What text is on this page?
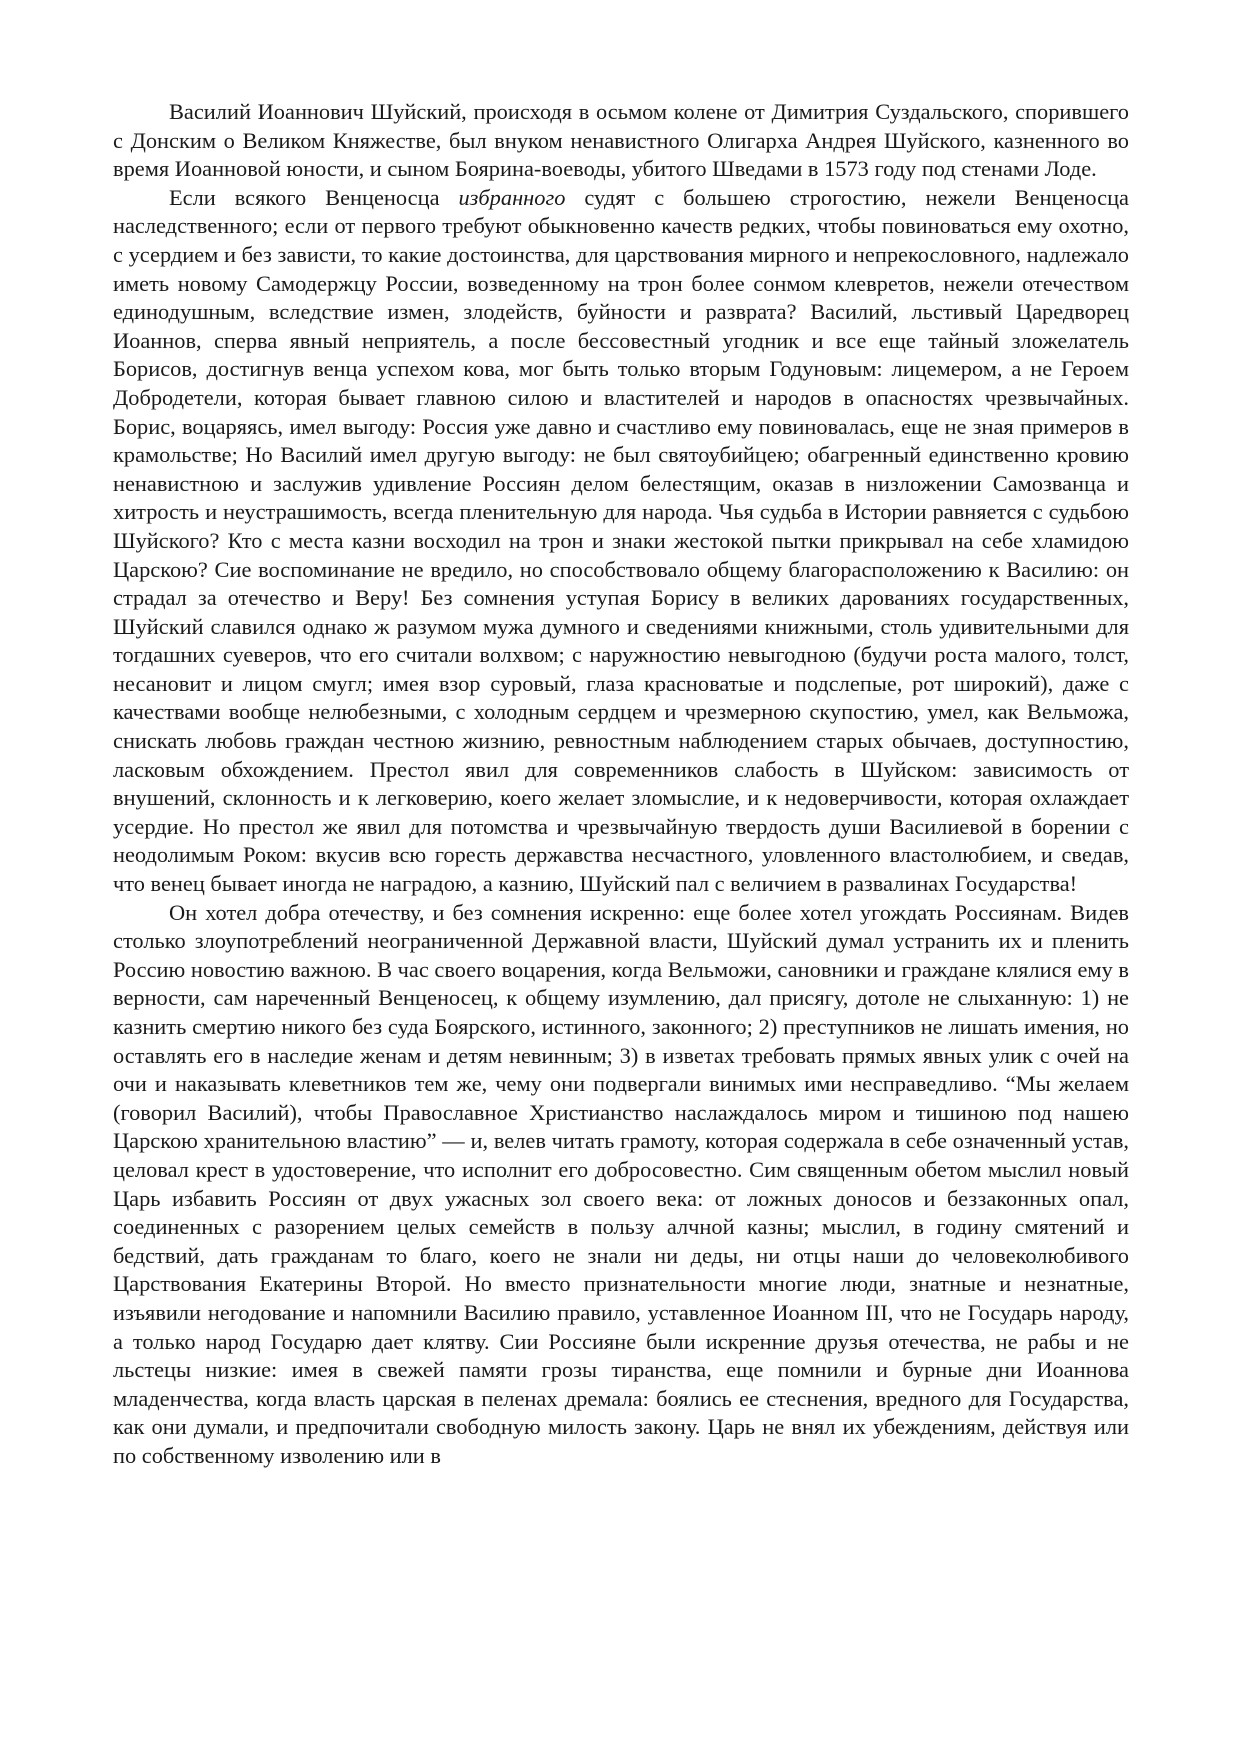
Василий Иоаннович Шуйский, происходя в осьмом колене от Димитрия Суздальского, спорившего с Донским о Великом Княжестве, был внуком ненавистного Олигарха Андрея Шуйского, казненного во время Иоанновой юности, и сыном Боярина-воеводы, убитого Шведами в 1573 году под стенами Лоде.

Если всякого Венценосца избранного судят с большею строгостию, нежели Венценосца наследственного; если от первого требуют обыкновенно качеств редких, чтобы повиноваться ему охотно, с усердием и без зависти, то какие достоинства, для царствования мирного и непрекословного, надлежало иметь новому Самодержцу России, возведенному на трон более сонмом клевретов, нежели отечеством единодушным, вследствие измен, злодейств, буйности и разврата? Василий, льстивый Царедворец Иоаннов, сперва явный неприятель, а после бессовестный угодник и все еще тайный зложелатель Борисов, достигнув венца успехом кова, мог быть только вторым Годуновым: лицемером, а не Героем Добродетели, которая бывает главною силою и властителей и народов в опасностях чрезвычайных. Борис, воцаряясь, имел выгоду: Россия уже давно и счастливо ему повиновалась, еще не зная примеров в крамольстве; Но Василий имел другую выгоду: не был святоубийцею; обагренный единственно кровию ненавистною и заслужив удивление Россиян делом белестящим, оказав в низложении Самозванца и хитрость и неустрашимость, всегда пленительную для народа. Чья судьба в Истории равняется с судьбою Шуйского? Кто с места казни восходил на трон и знаки жестокой пытки прикрывал на себе хламидою Царскою? Сие воспоминание не вредило, но способствовало общему благорасположению к Василию: он страдал за отечество и Веру! Без сомнения уступая Борису в великих дарованиях государственных, Шуйский славился однако ж разумом мужа думного и сведениями книжными, столь удивительными для тогдашних суеверов, что его считали волхвом; с наружностию невыгодною (будучи роста малого, толст, несановит и лицом смугл; имея взор суровый, глаза красноватые и подслепые, рот широкий), даже с качествами вообще нелюбезными, с холодным сердцем и чрезмерною скупостию, умел, как Вельможа, снискать любовь граждан честною жизнию, ревностным наблюдением старых обычаев, доступностию, ласковым обхождением. Престол явил для современников слабость в Шуйском: зависимость от внушений, склонность и к легковерию, коего желает зломыслие, и к недоверчивости, которая охлаждает усердие. Но престол же явил для потомства и чрезвычайную твердость души Василиевой в борении с неодолимым Роком: вкусив всю горесть державства несчастного, уловленного властолюбием, и сведав, что венец бывает иногда не наградою, а казнию, Шуйский пал с величием в развалинах Государства!

Он хотел добра отечеству, и без сомнения искренно: еще более хотел угождать Россиянам. Видев столько злоупотреблений неограниченной Державной власти, Шуйский думал устранить их и пленить Россию новостию важною. В час своего воцарения, когда Вельможи, сановники и граждане клялися ему в верности, сам нареченный Венценосец, к общему изумлению, дал присягу, дотоле не слыханную: 1) не казнить смертию никого без суда Боярского, истинного, законного; 2) преступников не лишать имения, но оставлять его в наследие женам и детям невинным; 3) в изветах требовать прямых явных улик с очей на очи и наказывать клеветников тем же, чему они подвергали винимых ими несправедливо. “Мы желаем (говорил Василий), чтобы Православное Христианство наслаждалось миром и тишиною под нашею Царскою хранительною властию” — и, велев читать грамоту, которая содержала в себе означенный устав, целовал крест в удостоверение, что исполнит его добросовестно. Сим священным обетом мыслил новый Царь избавить Россиян от двух ужасных зол своего века: от ложных доносов и беззаконных опал, соединенных с разорением целых семейств в пользу алчной казны; мыслил, в годину смятений и бедствий, дать гражданам то благо, коего не знали ни деды, ни отцы наши до человеколюбивого Царствования Екатерины Второй. Но вместо признательности многие люди, знатные и незнатные, изъявили негодование и напомнили Василию правило, уставленное Иоанном III, что не Государь народу, а только народ Государю дает клятву. Сии Россияне были искренние друзья отечества, не рабы и не льстецы низкие: имея в свежей памяти грозы тиранства, еще помнили и бурные дни Иоаннова младенчества, когда власть царская в пеленах дремала: боялись ее стеснения, вредного для Государства, как они думали, и предпочитали свободную милость закону. Царь не внял их убеждениям, действуя или по собственному изволению или в
